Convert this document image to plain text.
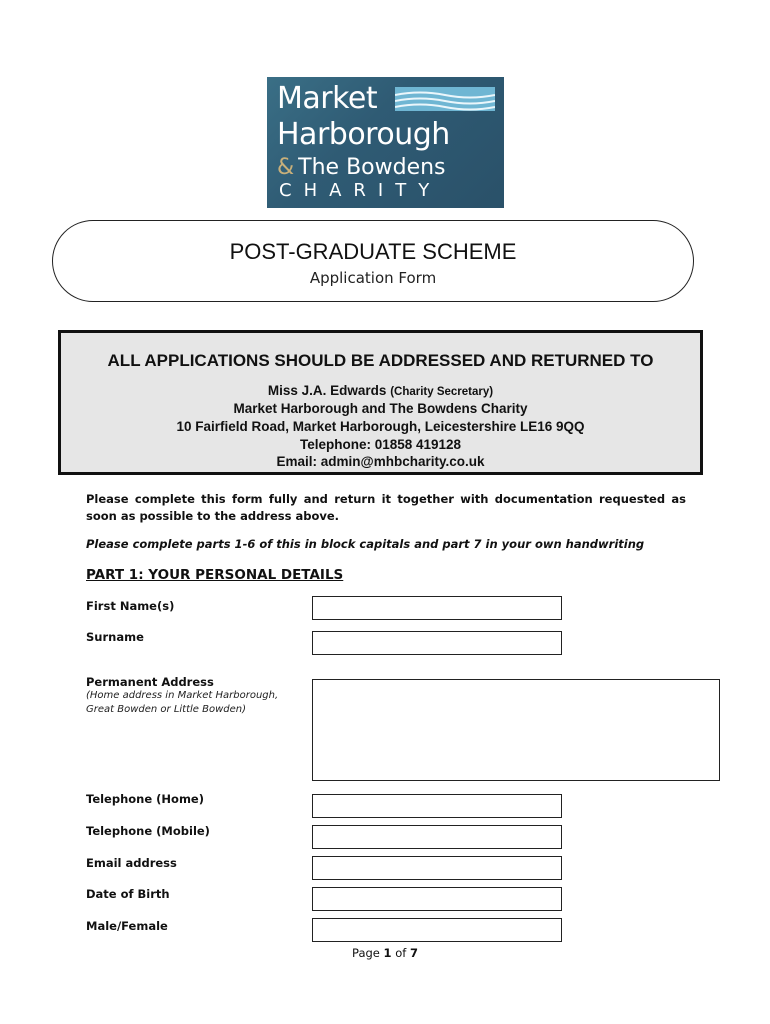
Market
Harborough
& The Bowdens
CHARITY
POST-GRADUATE SCHEME
Application Form
ALL APPLICATIONS SHOULD BE ADDRESSED AND RETURNED TO
Miss J.A. Edwards (Charity Secretary)
Market Harborough and The Bowdens Charity
10 Fairfield Road, Market Harborough, Leicestershire LE16 9QQ
Telephone: 01858 419128
Email: admin@mhbcharity.co.uk
Please complete this form fully and return it together with documentation requested as soon as possible to the address above.
Please complete parts 1-6 of this in block capitals and part 7 in your own handwriting
PART 1: YOUR PERSONAL DETAILS
First Name(s)
Surname
Permanent Address
(Home address in Market Harborough, Great Bowden or Little Bowden)
Telephone (Home)
Telephone (Mobile)
Email address
Date of Birth
Male/Female
Page 1 of 7
